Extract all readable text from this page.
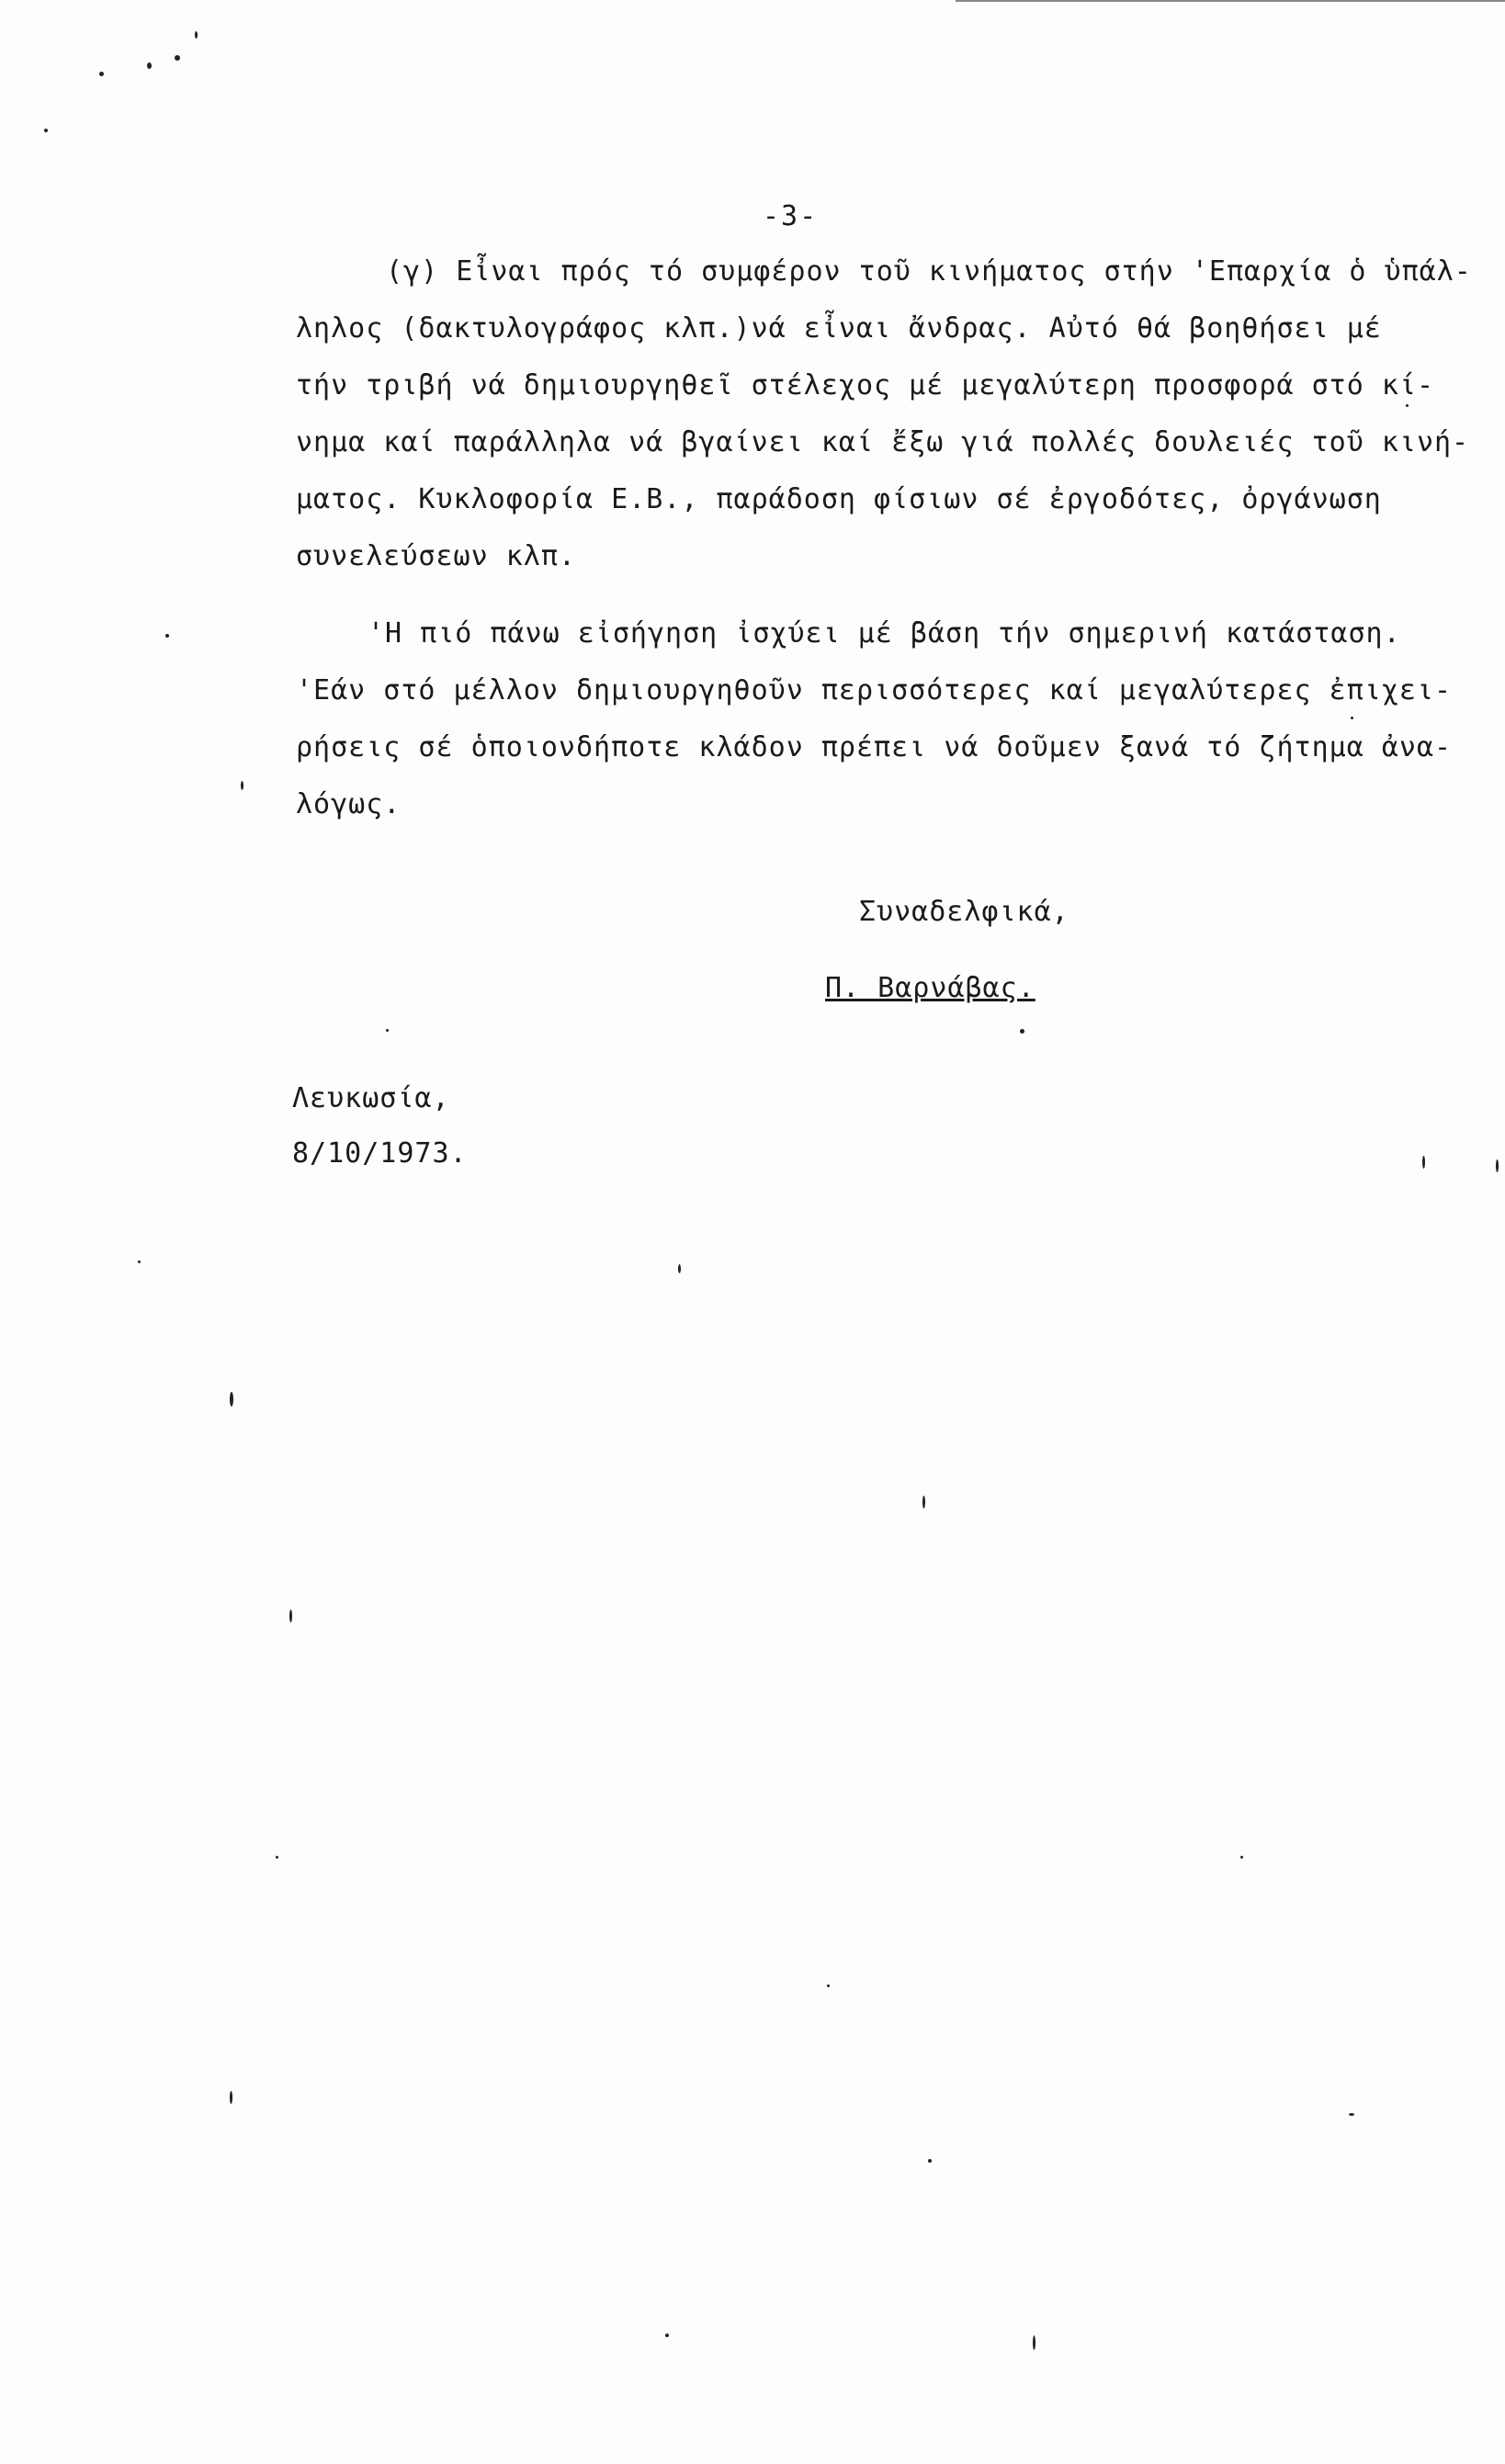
-3-
(γ) Εἶναι πρός τό συμφέρον τοῦ κινήματος στήν 'Επαρχία ὁ ὑπάλ-
ληλος (δακτυλογράφος κλπ.)νά εἶναι ἄνδρας. Αὐτό θά βοηθήσει μέ
τήν τριβή νά δημιουργηθεῖ στέλεχος μέ μεγαλύτερη προσφορά στό κί-
νημα καί παράλληλα νά βγαίνει καί ἔξω γιά πολλές δουλειές τοῦ κινή-
ματος. Κυκλοφορία Ε.Β., παράδοση φίσιων σέ ἐργοδότες, ὀργάνωση
συνελεύσεων κλπ.
'Η πιό πάνω εἰσήγηση ἰσχύει μέ βάση τήν σημερινή κατάσταση.
'Εάν στό μέλλον δημιουργηθοῦν περισσότερες καί μεγαλύτερες ἐπιχει-
ρήσεις σέ ὁποιονδήποτε κλάδον πρέπει νά δοῦμεν ξανά τό ζήτημα ἀνα-
λόγως.
Συναδελφικά,
Π. Βαρνάβας.
Λευκωσία,
8/10/1973.
